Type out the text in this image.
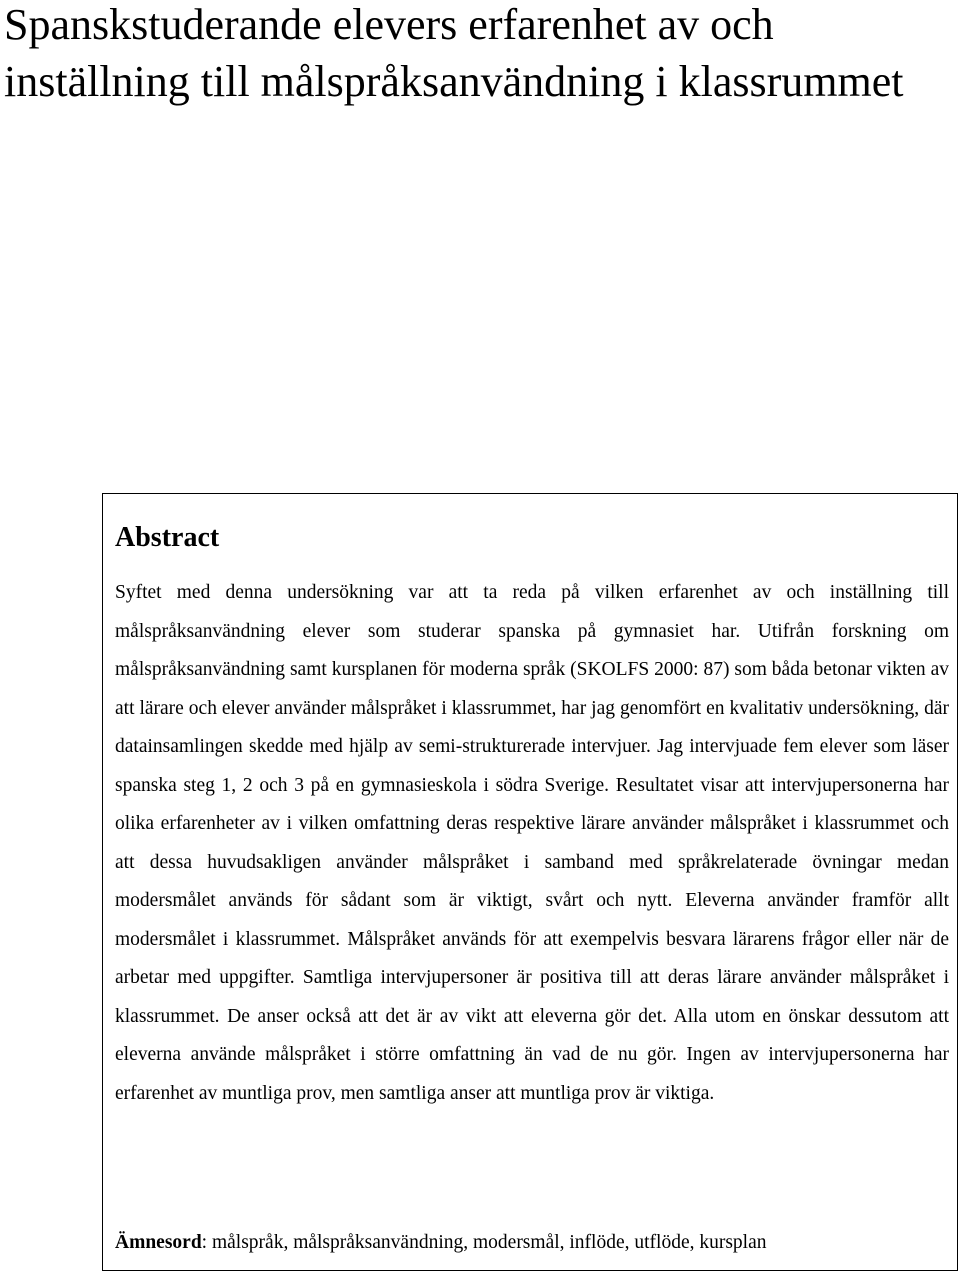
Spanskstuderande elevers erfarenhet av och inställning till målspråksanvändning i klassrummet
Abstract

Syftet med denna undersökning var att ta reda på vilken erfarenhet av och inställning till målspråksanvändning elever som studerar spanska på gymnasiet har. Utifrån forskning om målspråksanvändning samt kursplanen för moderna språk (SKOLFS 2000: 87) som båda betonar vikten av att lärare och elever använder målspråket i klassrummet, har jag genomfört en kvalitativ undersökning, där datainsamlingen skedde med hjälp av semi-strukturerade intervjuer. Jag intervjuade fem elever som läser spanska steg 1, 2 och 3 på en gymnasieskola i södra Sverige. Resultatet visar att intervjupersonerna har olika erfarenheter av i vilken omfattning deras respektive lärare använder målspråket i klassrummet och att dessa huvudsakligen använder målspråket i samband med språkrelaterade övningar medan modersmålet används för sådant som är viktigt, svårt och nytt. Eleverna använder framför allt modersmålet i klassrummet. Målspråket används för att exempelvis besvara lärarens frågor eller när de arbetar med uppgifter. Samtliga intervjupersoner är positiva till att deras lärare använder målspråket i klassrummet. De anser också att det är av vikt att eleverna gör det. Alla utom en önskar dessutom att eleverna använde målspråket i större omfattning än vad de nu gör. Ingen av intervjupersonerna har erfarenhet av muntliga prov, men samtliga anser att muntliga prov är viktiga.

Ämnesord: målspråk, målspråksanvändning, modersmål, inflöde, utflöde, kursplan
